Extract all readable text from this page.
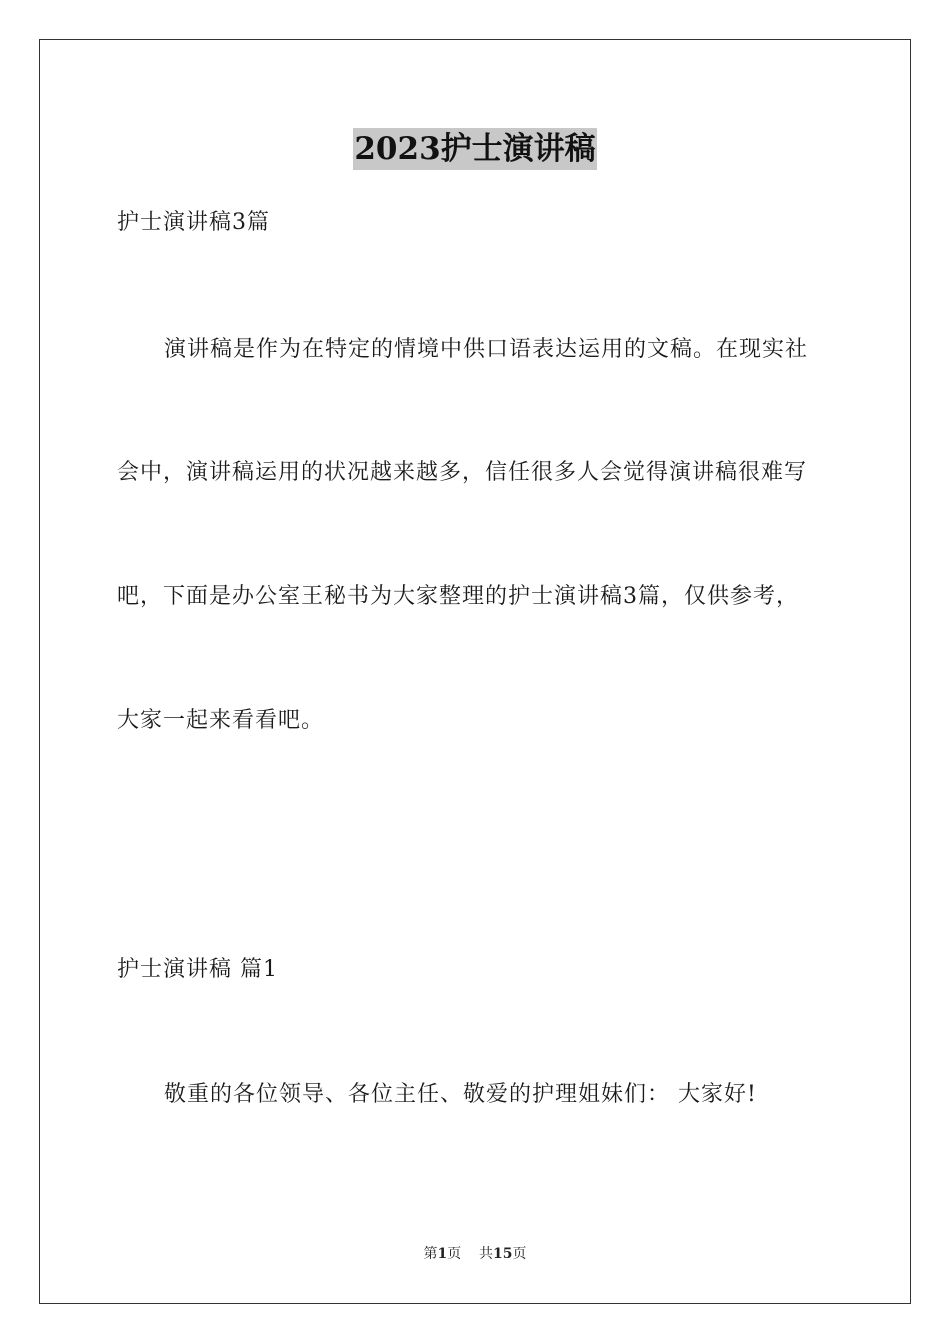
2023护士演讲稿
护士演讲稿3篇
演讲稿是作为在特定的情境中供口语表达运用的文稿。在现实社
会中，演讲稿运用的状况越来越多，信任很多人会觉得演讲稿很难写
吧，下面是办公室王秘书为大家整理的护士演讲稿3篇，仅供参考，
大家一起来看看吧。
护士演讲稿 篇1
敬重的各位领导、各位主任、敬爱的护理姐妹们： 大家好!
第1页 共15页
